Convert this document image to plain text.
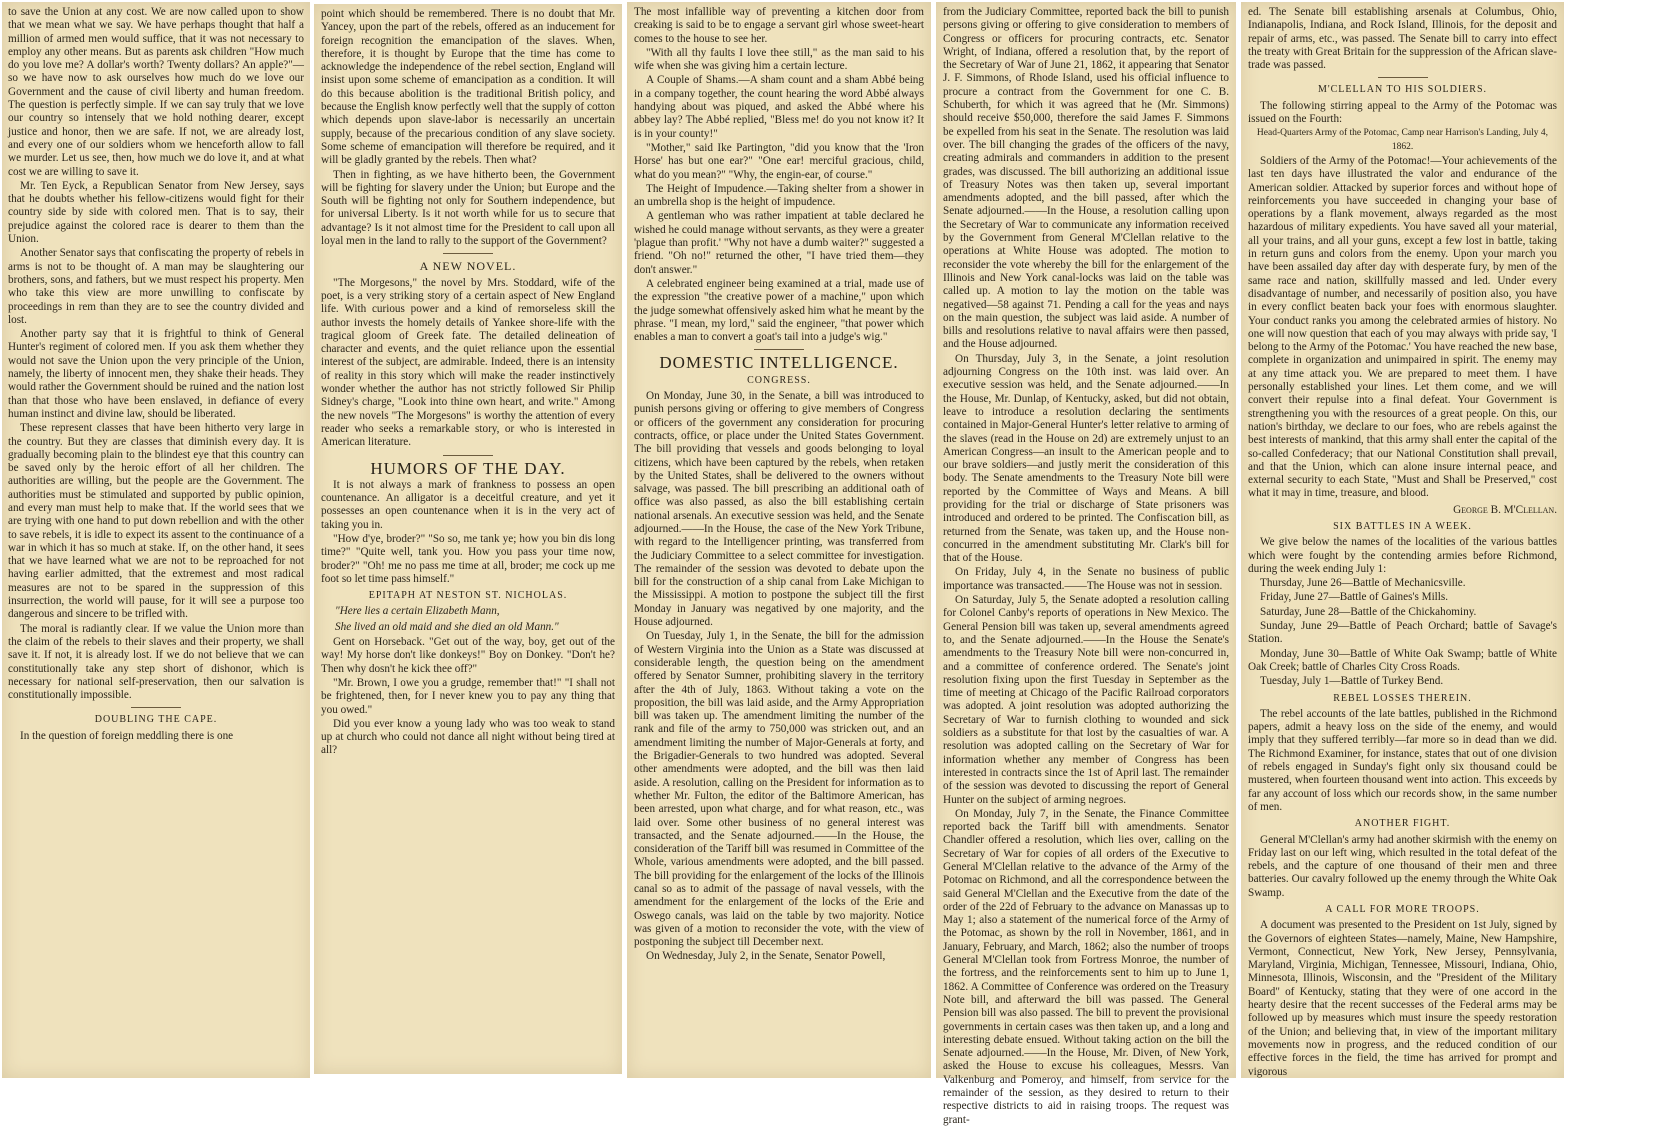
to save the Union at any cost. We are now called upon to show that we mean what we say. We have perhaps thought that half a million of armed men would suffice, that it was not necessary to employ any other means. But as parents ask children "How much do you love me? A dollar's worth? Twenty dollars? An apple?"—so we have now to ask ourselves how much do we love our Government and the cause of civil liberty and human freedom. The question is perfectly simple. If we can say truly that we love our country so intensely that we hold nothing dearer, except justice and honor, then we are safe. If not, we are already lost, and every one of our soldiers whom we henceforth allow to fall we murder. Let us see, then, how much we do love it, and at what cost we are willing to save it.

Mr. Ten Eyck, a Republican Senator from New Jersey, says that he doubts whether his fellow-citizens would fight for their country side by side with colored men. That is to say, their prejudice against the colored race is dearer to them than the Union.

Another Senator says that confiscating the property of rebels in arms is not to be thought of. A man may be slaughtering our brothers, sons, and fathers, but we must respect his property. Men who take this view are more unwilling to confiscate by proceedings in rem than they are to see the country divided and lost.

Another party say that it is frightful to think of General Hunter's regiment of colored men. If you ask them whether they would not save the Union upon the very principle of the Union, namely, the liberty of innocent men, they shake their heads. They would rather the Government should be ruined and the nation lost than that those who have been enslaved, in defiance of every human instinct and divine law, should be liberated.

These represent classes that have been hitherto very large in the country. But they are classes that diminish every day. It is gradually becoming plain to the blindest eye that this country can be saved only by the heroic effort of all her children. The authorities are willing, but the people are the Government. The authorities must be stimulated and supported by public opinion, and every man must help to make that. If the world sees that we are trying with one hand to put down rebellion and with the other to save rebels, it is idle to expect its assent to the continuance of a war in which it has so much at stake. If, on the other hand, it sees that we have learned what we are not to be reproached for not having earlier admitted, that the extremest and most radical measures are not to be spared in the suppression of this insurrection, the world will pause, for it will see a purpose too dangerous and sincere to be trifled with.

The moral is radiantly clear. If we value the Union more than the claim of the rebels to their slaves and their property, we shall save it. If not, it is already lost. If we do not believe that we can constitutionally take any step short of dishonor, which is necessary for national self-preservation, then our salvation is constitutionally impossible.

DOUBLING THE CAPE.

In the question of foreign meddling there is one

point which should be remembered. There is no doubt that Mr. Yancey, upon the part of the rebels, offered as an inducement for foreign recognition the emancipation of the slaves. When, therefore, it is thought by Europe that the time has come to acknowledge the independence of the rebel section, England will insist upon some scheme of emancipation as a condition. It will do this because abolition is the traditional British policy, and because the English know perfectly well that the supply of cotton which depends upon slave-labor is necessarily an uncertain supply, because of the precarious condition of any slave society. Some scheme of emancipation will therefore be required, and it will be gladly granted by the rebels. Then what?

Then in fighting, as we have hitherto been, the Government will be fighting for slavery under the Union; but Europe and the South will be fighting not only for Southern independence, but for universal Liberty. Is it not worth while for us to secure that advantage? Is it not almost time for the President to call upon all loyal men in the land to rally to the support of the Government?

A NEW NOVEL.

"The Morgesons," the novel by Mrs. Stoddard, wife of the poet, is a very striking story of a certain aspect of New England life. With curious power and a kind of remorseless skill the author invests the homely details of Yankee shore-life with the tragical gloom of Greek fate. The detailed delineation of character and events, and the quiet reliance upon the essential interest of the subject, are admirable. Indeed, there is an intensity of reality in this story which will make the reader instinctively wonder whether the author has not strictly followed Sir Philip Sidney's charge, "Look into thine own heart, and write." Among the new novels "The Morgesons" is worthy the attention of every reader who seeks a remarkable story, or who is interested in American literature.

HUMORS OF THE DAY.

It is not always a mark of frankness to possess an open countenance. An alligator is a deceitful creature, and yet it possesses an open countenance when it is in the very act of taking you in.

"How d'ye, broder?" "So so, me tank ye; how you bin dis long time?" "Quite well, tank you. How you pass your time now, broder?" "Oh! me no pass me time at all, broder; me cock up me foot so let time pass himself."

EPITAPH AT NESTON ST. NICHOLAS.
"Here lies a certain Elizabeth Mann,
She lived an old maid and she died an old Mann."

Gent on Horseback. "Get out of the way, boy, get out of the way! My horse don't like donkeys!" Boy on Donkey. "Don't he? Then why dosn't he kick thee off?"

"Mr. Brown, I owe you a grudge, remember that!" "I shall not be frightened, then, for I never knew you to pay any thing that you owed."

Did you ever know a young lady who was too weak to stand up at church who could not dance all night without being tired at all?

The most infallible way of preventing a kitchen door from creaking is said to be to engage a servant girl whose sweet-heart comes to the house to see her.

"With all thy faults I love thee still," as the man said to his wife when she was giving him a certain lecture.

A Couple of Shams.—A sham count and a sham Abbé being in a company together, the count hearing the word Abbé always handying about was piqued, and asked the Abbé where his abbey lay? The Abbé replied, "Bless me! do you not know it? It is in your county!"

"Mother," said Ike Partington, "did you know that the 'Iron Horse' has but one ear?" "One ear! merciful gracious, child, what do you mean?" "Why, the engin-ear, of course."

The Height of Impudence.—Taking shelter from a shower in an umbrella shop is the height of impudence.

A gentleman who was rather impatient at table declared he wished he could manage without servants, as they were a greater 'plague than profit.' "Why not have a dumb waiter?" suggested a friend. "Oh no!" returned the other, "I have tried them—they don't answer."

A celebrated engineer being examined at a trial, made use of the expression "the creative power of a machine," upon which the judge somewhat offensively asked him what he meant by the phrase. "I mean, my lord," said the engineer, "that power which enables a man to convert a goat's tail into a judge's wig."

DOMESTIC INTELLIGENCE.
CONGRESS.

On Monday, June 30, in the Senate, a bill was introduced to punish persons giving or offering to give members of Congress or officers of the government any consideration for procuring contracts, office, or place under the United States Government. The bill providing that vessels and goods belonging to loyal citizens, which have been captured by the rebels, when retaken by the United States, shall be delivered to the owners without salvage, was passed. The bill prescribing an additional oath of office was also passed, as also the bill establishing certain national arsenals. An executive session was held, and the Senate adjourned.——In the House, the case of the New York Tribune, with regard to the Intelligencer printing, was transferred from the Judiciary Committee to a select committee for investigation. The remainder of the session was devoted to debate upon the bill for the construction of a ship canal from Lake Michigan to the Mississippi. A motion to postpone the subject till the first Monday in January was negatived by one majority, and the House adjourned.

On Tuesday, July 1, in the Senate, the bill for the admission of Western Virginia into the Union as a State was discussed at considerable length, the question being on the amendment offered by Senator Sumner, prohibiting slavery in the territory after the 4th of July, 1863. Without taking a vote on the proposition, the bill was laid aside, and the Army Appropriation bill was taken up. The amendment limiting the number of the rank and file of the army to 750,000 was stricken out, and an amendment limiting the number of Major-Generals at forty, and the Brigadier-Generals to two hundred was adopted. Several other amendments were adopted, and the bill was then laid aside. A resolution, calling on the President for information as to whether Mr. Fulton, the editor of the Baltimore American, has been arrested, upon what charge, and for what reason, etc., was laid over. Some other business of no general interest was transacted, and the Senate adjourned.——In the House, the consideration of the Tariff bill was resumed in Committee of the Whole, various amendments were adopted, and the bill passed. The bill providing for the enlargement of the locks of the Illinois canal so as to admit of the passage of naval vessels, with the amendment for the enlargement of the locks of the Erie and Oswego canals, was laid on the table by two majority. Notice was given of a motion to reconsider the vote, with the view of postponing the subject till December next.

On Wednesday, July 2, in the Senate, Senator Powell,

from the Judiciary Committee, reported back the bill to punish persons giving or offering to give consideration to members of Congress or officers for procuring contracts, etc. Senator Wright, of Indiana, offered a resolution that, by the report of the Secretary of War of June 21, 1862, it appearing that Senator J. F. Simmons, of Rhode Island, used his official influence to procure a contract from the Government for one C. B. Schuberth, for which it was agreed that he (Mr. Simmons) should receive $50,000, therefore the said James F. Simmons be expelled from his seat in the Senate. The resolution was laid over. The bill changing the grades of the officers of the navy, creating admirals and commanders in addition to the present grades, was discussed. The bill authorizing an additional issue of Treasury Notes was then taken up, several important amendments adopted, and the bill passed, after which the Senate adjourned.——In the House, a resolution calling upon the Secretary of War to communicate any information received by the Government from General M'Clellan relative to the operations at White House was adopted. The motion to reconsider the vote whereby the bill for the enlargement of the Illinois and New York canal-locks was laid on the table was called up. A motion to lay the motion on the table was negatived—58 against 71. Pending a call for the yeas and nays on the main question, the subject was laid aside. A number of bills and resolutions relative to naval affairs were then passed, and the House adjourned.

On Thursday, July 3, in the Senate, a joint resolution adjourning Congress on the 10th inst. was laid over. An executive session was held, and the Senate adjourned.——In the House, Mr. Dunlap, of Kentucky, asked, but did not obtain, leave to introduce a resolution declaring the sentiments contained in Major-General Hunter's letter relative to arming of the slaves (read in the House on 2d) are extremely unjust to an American Congress—an insult to the American people and to our brave soldiers—and justly merit the consideration of this body. The Senate amendments to the Treasury Note bill were reported by the Committee of Ways and Means. A bill providing for the trial or discharge of State prisoners was introduced and ordered to be printed. The Confiscation bill, as returned from the Senate, was taken up, and the House non-concurred in the amendment substituting Mr. Clark's bill for that of the House.

On Friday, July 4, in the Senate no business of public importance was transacted.——The House was not in session.

On Saturday, July 5, the Senate adopted a resolution calling for Colonel Canby's reports of operations in New Mexico. The General Pension bill was taken up, several amendments agreed to, and the Senate adjourned.——In the House the Senate's amendments to the Treasury Note bill were non-concurred in, and a committee of conference ordered. The Senate's joint resolution fixing upon the first Tuesday in September as the time of meeting at Chicago of the Pacific Railroad corporators was adopted. A joint resolution was adopted authorizing the Secretary of War to furnish clothing to wounded and sick soldiers as a substitute for that lost by the casualties of war. A resolution was adopted calling on the Secretary of War for information whether any member of Congress has been interested in contracts since the 1st of April last. The remainder of the session was devoted to discussing the report of General Hunter on the subject of arming negroes.

On Monday, July 7, in the Senate, the Finance Committee reported back the Tariff bill with amendments. Senator Chandler offered a resolution, which lies over, calling on the Secretary of War for copies of all orders of the Executive to General M'Clellan relative to the advance of the Army of the Potomac on Richmond, and all the correspondence between the said General M'Clellan and the Executive from the date of the order of the 22d of February to the advance on Manassas up to May 1; also a statement of the numerical force of the Army of the Potomac, as shown by the roll in November, 1861, and in January, February, and March, 1862; also the number of troops General M'Clellan took from Fortress Monroe, the number of the fortress, and the reinforcements sent to him up to June 1, 1862. A Committee of Conference was ordered on the Treasury Note bill, and afterward the bill was passed. The General Pension bill was also passed. The bill to prevent the provisional governments in certain cases was then taken up, and a long and interesting debate ensued. Without taking action on the bill the Senate adjourned.——In the House, Mr. Diven, of New York, asked the House to excuse his colleagues, Messrs. Van Valkenburg and Pomeroy, and himself, from service for the remainder of the session, as they desired to return to their respective districts to aid in raising troops. The request was grant-

ed. The Senate bill establishing arsenals at Columbus, Ohio, Indianapolis, Indiana, and Rock Island, Illinois, for the deposit and repair of arms, etc., was passed. The Senate bill to carry into effect the treaty with Great Britain for the suppression of the African slave-trade was passed.

M'CLELLAN TO HIS SOLDIERS.

The following stirring appeal to the Army of the Potomac was issued on the Fourth:

Head-Quarters Army of the Potomac, Camp near Harrison's Landing, July 4, 1862.

Soldiers of the Army of the Potomac!—Your achievements of the last ten days have illustrated the valor and endurance of the American soldier. Attacked by superior forces and without hope of reinforcements you have succeeded in changing your base of operations by a flank movement, always regarded as the most hazardous of military expedients. You have saved all your material, all your trains, and all your guns, except a few lost in battle, taking in return guns and colors from the enemy. Upon your march you have been assailed day after day with desperate fury, by men of the same race and nation, skillfully massed and led. Under every disadvantage of number, and necessarily of position also, you have in every conflict beaten back your foes with enormous slaughter. Your conduct ranks you among the celebrated armies of history. No one will now question that each of you may always with pride say, 'I belong to the Army of the Potomac.' You have reached the new base, complete in organization and unimpaired in spirit. The enemy may at any time attack you. We are prepared to meet them. I have personally established your lines. Let them come, and we will convert their repulse into a final defeat. Your Government is strengthening you with the resources of a great people. On this, our nation's birthday, we declare to our foes, who are rebels against the best interests of mankind, that this army shall enter the capital of the so-called Confederacy; that our National Constitution shall prevail, and that the Union, which can alone insure internal peace, and external security to each State, "Must and Shall be Preserved," cost what it may in time, treasure, and blood.

George B. M'Clellan.

SIX BATTLES IN A WEEK.

We give below the names of the localities of the various battles which were fought by the contending armies before Richmond, during the week ending July 1:

Thursday, June 26—Battle of Mechanicsville.

Friday, June 27—Battle of Gaines's Mills.

Saturday, June 28—Battle of the Chickahominy.

Sunday, June 29—Battle of Peach Orchard; battle of Savage's Station.

Monday, June 30—Battle of White Oak Swamp; battle of White Oak Creek; battle of Charles City Cross Roads.

Tuesday, July 1—Battle of Turkey Bend.

REBEL LOSSES THEREIN.

The rebel accounts of the late battles, published in the Richmond papers, admit a heavy loss on the side of the enemy, and would imply that they suffered terribly—far more so in dead than we did. The Richmond Examiner, for instance, states that out of one division of rebels engaged in Sunday's fight only six thousand could be mustered, when fourteen thousand went into action. This exceeds by far any account of loss which our records show, in the same number of men.

ANOTHER FIGHT.

General M'Clellan's army had another skirmish with the enemy on Friday last on our left wing, which resulted in the total defeat of the rebels, and the capture of one thousand of their men and three batteries. Our cavalry followed up the enemy through the White Oak Swamp.

A CALL FOR MORE TROOPS.

A document was presented to the President on 1st July, signed by the Governors of eighteen States—namely, Maine, New Hampshire, Vermont, Connecticut, New York, New Jersey, Pennsylvania, Maryland, Virginia, Michigan, Tennessee, Missouri, Indiana, Ohio, Minnesota, Illinois, Wisconsin, and the "President of the Military Board" of Kentucky, stating that they were of one accord in the hearty desire that the recent successes of the Federal arms may be followed up by measures which must insure the speedy restoration of the Union; and believing that, in view of the important military movements now in progress, and the reduced condition of our effective forces in the field, the time has arrived for prompt and vigorous
